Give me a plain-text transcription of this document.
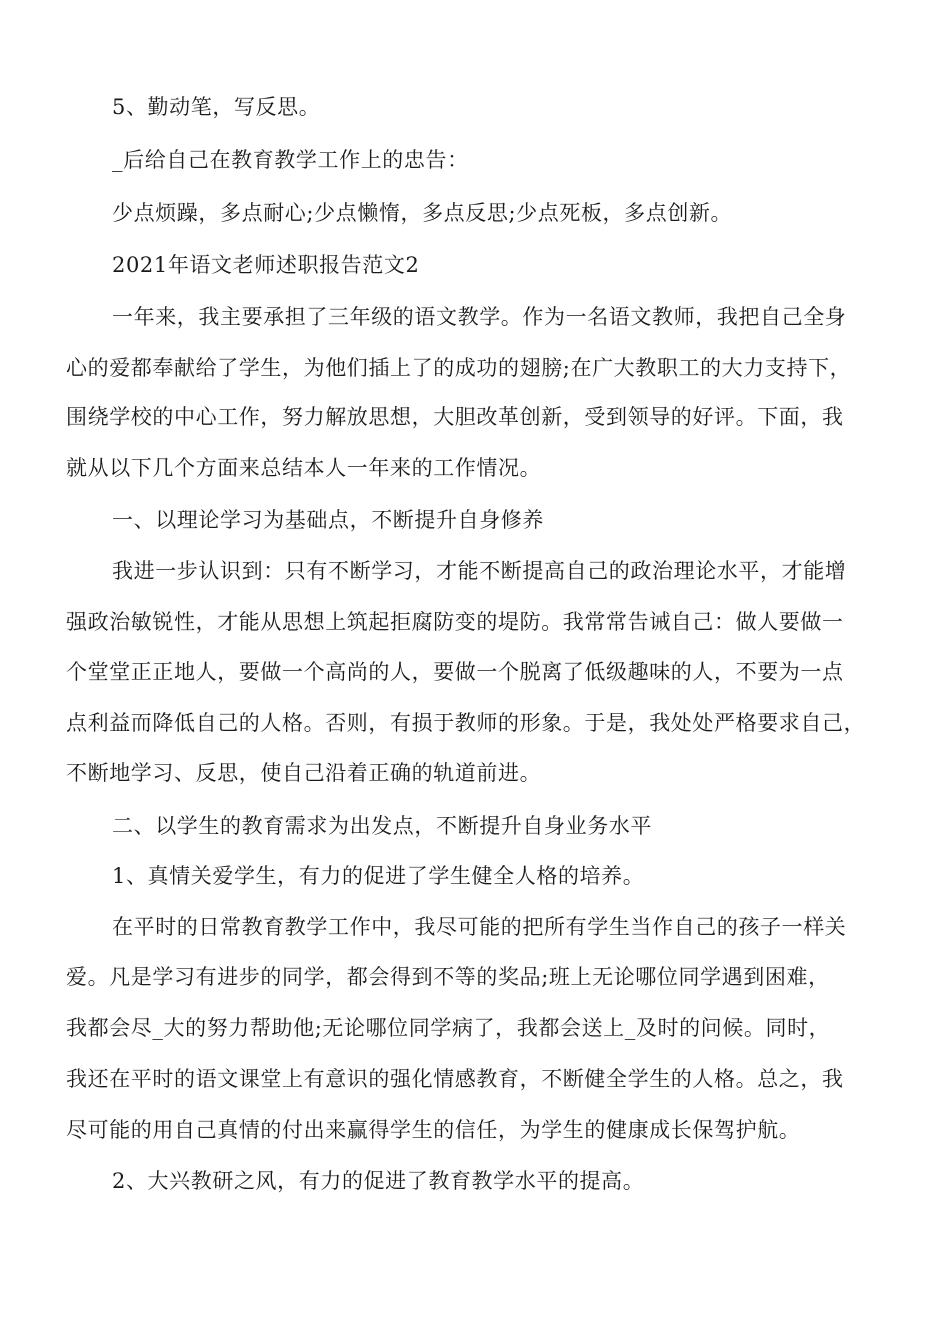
5、勤动笔，写反思。
_后给自己在教育教学工作上的忠告：
少点烦躁，多点耐心;少点懒惰，多点反思;少点死板，多点创新。
2021年语文老师述职报告范文2
一年来，我主要承担了三年级的语文教学。作为一名语文教师，我把自己全身
心的爱都奉献给了学生，为他们插上了的成功的翅膀;在广大教职工的大力支持下，
围绕学校的中心工作，努力解放思想，大胆改革创新，受到领导的好评。下面，我
就从以下几个方面来总结本人一年来的工作情况。
一、以理论学习为基础点，不断提升自身修养
我进一步认识到：只有不断学习，才能不断提高自己的政治理论水平，才能增
强政治敏锐性，才能从思想上筑起拒腐防变的堤防。我常常告诫自己：做人要做一
个堂堂正正地人，要做一个高尚的人，要做一个脱离了低级趣味的人，不要为一点
点利益而降低自己的人格。否则，有损于教师的形象。于是，我处处严格要求自己，
不断地学习、反思，使自己沿着正确的轨道前进。
二、以学生的教育需求为出发点，不断提升自身业务水平
1、真情关爱学生，有力的促进了学生健全人格的培养。
在平时的日常教育教学工作中，我尽可能的把所有学生当作自己的孩子一样关
爱。凡是学习有进步的同学，都会得到不等的奖品;班上无论哪位同学遇到困难，
我都会尽_大的努力帮助他;无论哪位同学病了，我都会送上_及时的问候。同时，
我还在平时的语文课堂上有意识的强化情感教育，不断健全学生的人格。总之，我
尽可能的用自己真情的付出来赢得学生的信任，为学生的健康成长保驾护航。
2、大兴教研之风，有力的促进了教育教学水平的提高。
